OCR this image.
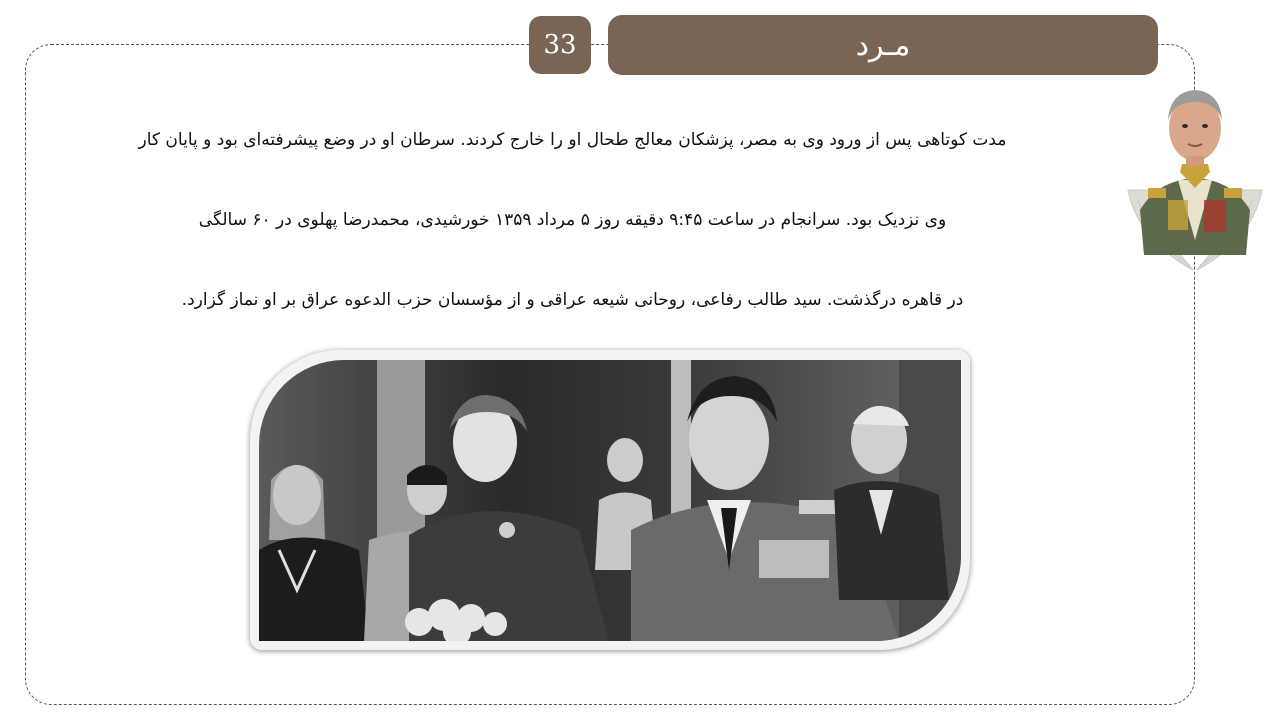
33	مـرد

مدت کوتاهی پس از ورود وی به مصر، پزشکان معالج طحال او را خارج کردند. سرطان او در وضع پیشرفته‌ای بود و پایان کار

وی نزدیک بود. سرانجام در ساعت ۹:۴۵ دقیقه روز ۵ مرداد ۱۳۵۹ خورشیدی، محمدرضا پهلوی در ۶۰ سالگی

در قاهره درگذشت. سید طالب رفاعی، روحانی شیعه عراقی و از مؤسسان حزب الدعوه عراق بر او نماز گزارد.
